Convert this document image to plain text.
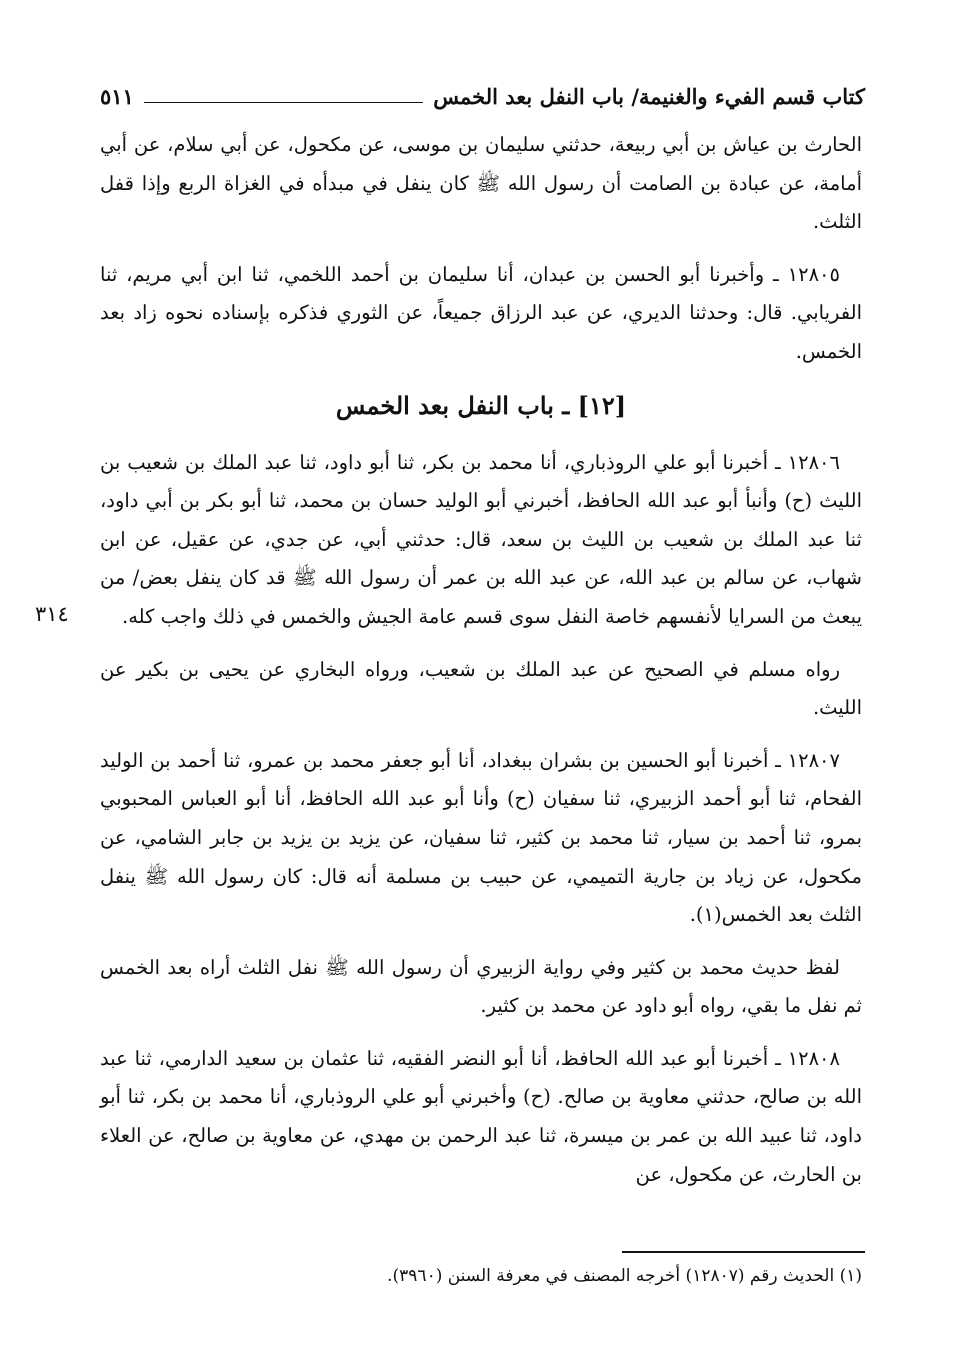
كتاب قسم الفيء والغنيمة/ باب النفل بعد الخمس
٥١١

الحارث بن عياش بن أبي ربيعة، حدثني سليمان بن موسى، عن مكحول، عن أبي سلام، عن أبي أمامة، عن عبادة بن الصامت أن رسول الله ﷺ كان ينفل في مبدأه في الغزاة الربع وإذا قفل الثلث.

١٢٨٠٥ ـ وأخبرنا أبو الحسن بن عبدان، أنا سليمان بن أحمد اللخمي، ثنا ابن أبي مريم، ثنا الفريابي. قال: وحدثنا الديري، عن عبد الرزاق جميعاً، عن الثوري فذكره بإسناده نحوه زاد بعد الخمس.

[١٢] ـ باب النفل بعد الخمس

١٢٨٠٦ ـ أخبرنا أبو علي الروذباري، أنا محمد بن بكر، ثنا أبو داود، ثنا عبد الملك بن شعيب بن الليث (ح) وأنبأ أبو عبد الله الحافظ، أخبرني أبو الوليد حسان بن محمد، ثنا أبو بكر بن أبي داود، ثنا عبد الملك بن شعيب بن الليث بن سعد، قال: حدثني أبي، عن جدي، عن عقيل، عن ابن شهاب، عن سالم بن عبد الله، عن عبد الله بن عمر أن رسول الله ﷺ قد كان ينفل بعض/ من يبعث من السرايا لأنفسهم خاصة النفل سوى قسم عامة الجيش والخمس في ذلك واجب كله.

رواه مسلم في الصحيح عن عبد الملك بن شعيب، ورواه البخاري عن يحيى بن بكير عن الليث.

١٢٨٠٧ ـ أخبرنا أبو الحسين بن بشران ببغداد، أنا أبو جعفر محمد بن عمرو، ثنا أحمد بن الوليد الفحام، ثنا أبو أحمد الزبيري، ثنا سفيان (ح) وأنا أبو عبد الله الحافظ، أنا أبو العباس المحبوبي بمرو، ثنا أحمد بن سيار، ثنا محمد بن كثير، ثنا سفيان، عن يزيد بن يزيد بن جابر الشامي، عن مكحول، عن زياد بن جارية التميمي، عن حبيب بن مسلمة أنه قال: كان رسول الله ﷺ ينفل الثلث بعد الخمس(١).

لفظ حديث محمد بن كثير وفي رواية الزبيري أن رسول الله ﷺ نفل الثلث أراه بعد الخمس ثم نفل ما بقي، رواه أبو داود عن محمد بن كثير.

١٢٨٠٨ ـ أخبرنا أبو عبد الله الحافظ، أنا أبو النضر الفقيه، ثنا عثمان بن سعيد الدارمي، ثنا عبد الله بن صالح، حدثني معاوية بن صالح. (ح) وأخبرني أبو علي الروذباري، أنا محمد بن بكر، ثنا أبو داود، ثنا عبيد الله بن عمر بن ميسرة، ثنا عبد الرحمن بن مهدي، عن معاوية بن صالح، عن العلاء بن الحارث، عن مكحول، عن

٣١٤
(١) الحديث رقم (١٢٨٠٧) أخرجه المصنف في معرفة السنن (٣٩٦٠).
